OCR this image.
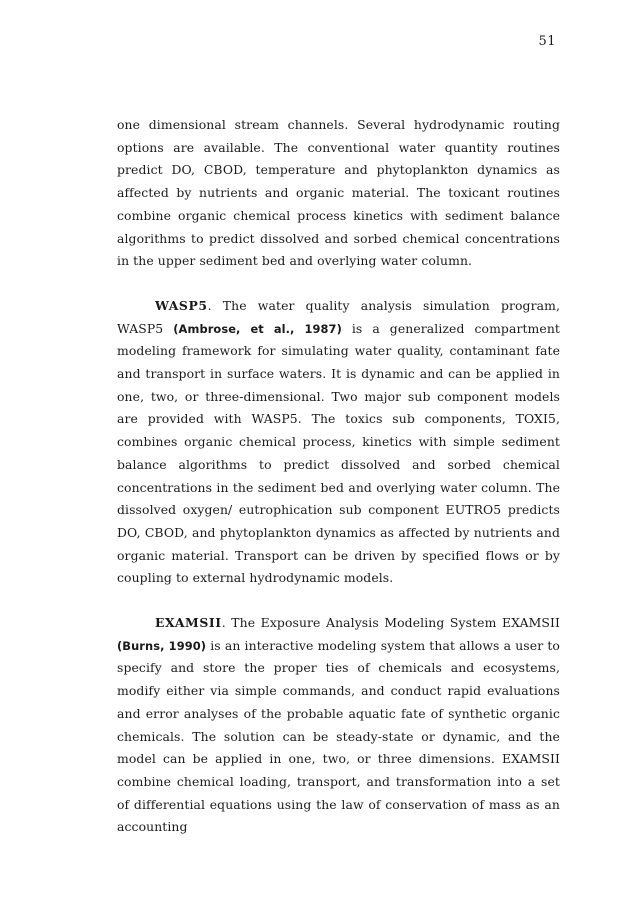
51

one dimensional stream channels. Several hydrodynamic routing options are available. The conventional water quantity routines predict DO, CBOD, temperature and phytoplankton dynamics as affected by nutrients and organic material. The toxicant routines combine organic chemical process kinetics with sediment balance algorithms to predict dissolved and sorbed chemical concentrations in the upper sediment bed and overlying water column.

WASP5. The water quality analysis simulation program, WASP5 (Ambrose, et al., 1987) is a generalized compartment modeling framework for simulating water quality, contaminant fate and transport in surface waters. It is dynamic and can be applied in one, two, or three-dimensional. Two major sub component models are provided with WASP5. The toxics sub components, TOXI5, combines organic chemical process, kinetics with simple sediment balance algorithms to predict dissolved and sorbed chemical concentrations in the sediment bed and overlying water column. The dissolved oxygen/ eutrophication sub component EUTRO5 predicts DO, CBOD, and phytoplankton dynamics as affected by nutrients and organic material. Transport can be driven by specified flows or by coupling to external hydrodynamic models.

EXAMSII. The Exposure Analysis Modeling System EXAMSII (Burns, 1990) is an interactive modeling system that allows a user to specify and store the proper ties of chemicals and ecosystems, modify either via simple commands, and conduct rapid evaluations and error analyses of the probable aquatic fate of synthetic organic chemicals. The solution can be steady-state or dynamic, and the model can be applied in one, two, or three dimensions. EXAMSII combine chemical loading, transport, and transformation into a set of differential equations using the law of conservation of mass as an accounting
